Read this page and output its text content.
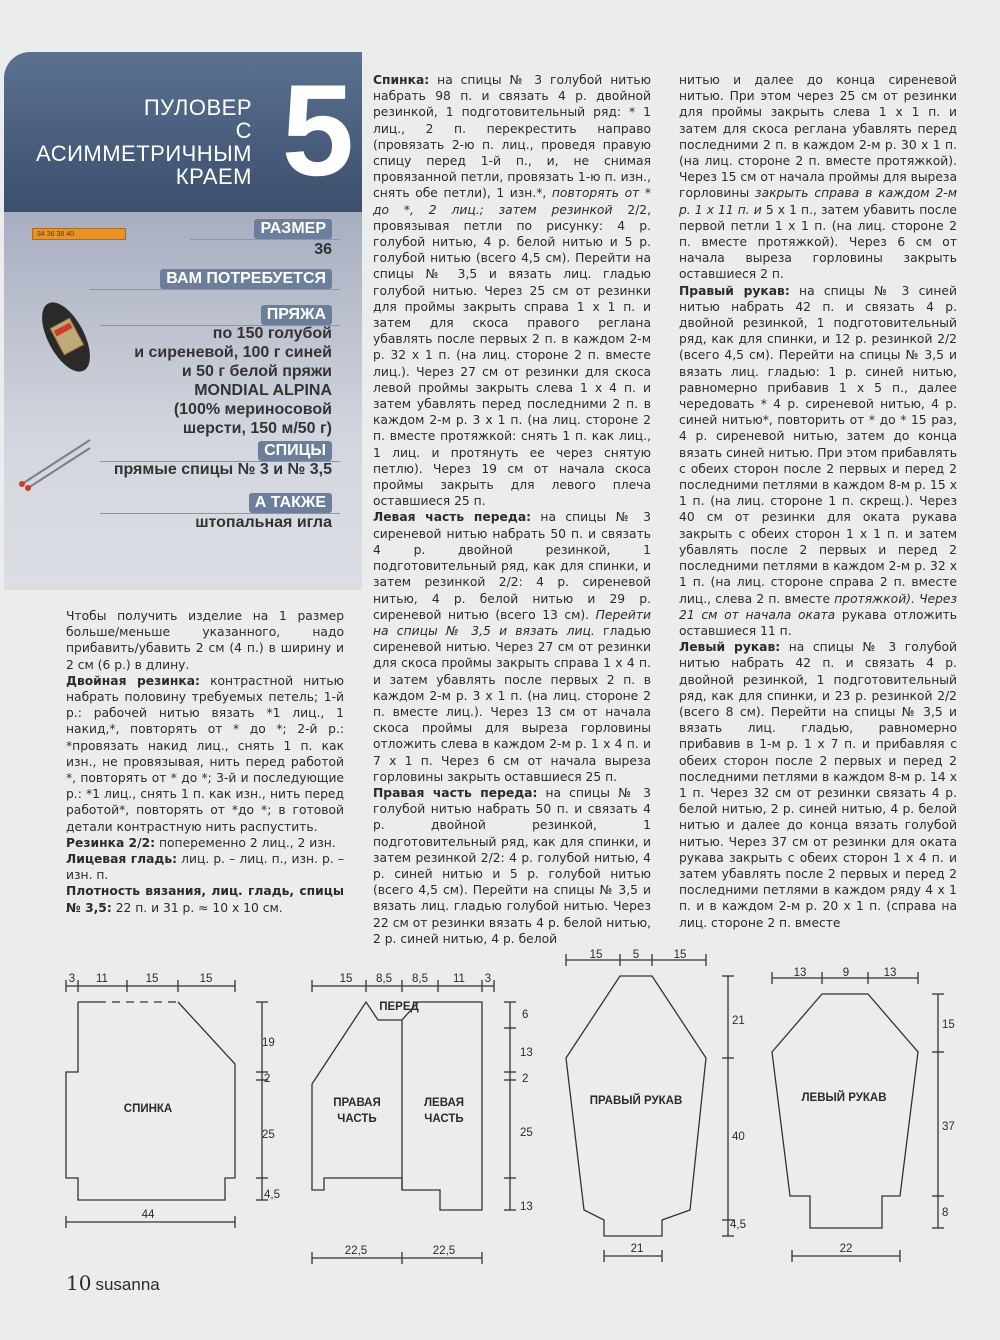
ПУЛОВЕР
С АСИММЕТРИЧНЫМ
КРАЕМ 5
34 36 38 40	РАЗМЕР
36
ВАМ ПОТРЕБУЕТСЯ
ПРЯЖА
по 150 голубой
и сиреневой, 100 г синей
и 50 г белой пряжи
MONDIAL ALPINA
(100% мериносовой
шерсти, 150 м/50 г)
СПИЦЫ
прямые спицы № 3 и № 3,5
А ТАКЖЕ
штопальная игла

Чтобы получить изделие на 1 размер больше/меньше указанного, надо прибавить/убавить 2 см (4 п.) в ширину и 2 см (6 р.) в длину.

Двойная резинка: контрастной нитью набрать половину требуемых петель; 1-й р.: рабочей нитью вязать *1 лиц., 1 накид,*, повторять от * до *; 2-й р.: *провязать накид лиц., снять 1 п. как изн., не провязывая, нить перед работой *, повторять от * до *; 3-й и последующие р.: *1 лиц., снять 1 п. как изн., нить перед работой*, повторять от *до *; в готовой детали контрастную нить распустить.

Резинка 2/2: попеременно 2 лиц., 2 изн.

Лицевая гладь: лиц. р. – лиц. п., изн. р. – изн. п.

Плотность вязания, лиц. гладь, спицы № 3,5: 22 п. и 31 р. ≈ 10 х 10 см.

Спинка: на спицы № 3 голубой нитью набрать 98 п. и связать 4 р. двойной резинкой, 1 подготовительный ряд: * 1 лиц., 2 п. перекрестить направо (провязать 2-ю п. лиц., проведя правую спицу перед 1-й п., и, не снимая провязанной петли, провязать 1-ю п. изн., снять обе петли), 1 изн.*, повторять от * до *, 2 лиц.; затем резинкой 2/2, провязывая петли по рисунку: 4 р. голубой нитью, 4 р. белой нитью и 5 р. голубой нитью (всего 4,5 см). Перейти на спицы № 3,5 и вязать лиц. гладью голубой нитью. Через 25 см от резинки для проймы закрыть справа 1 х 1 п. и затем для скоса правого реглана убавлять после первых 2 п. в каждом 2-м р. 32 х 1 п. (на лиц. стороне 2 п. вместе лиц.). Через 27 см от резинки для скоса левой проймы закрыть слева 1 х 4 п. и затем убавлять перед последними 2 п. в каждом 2-м р. 3 х 1 п. (на лиц. стороне 2 п. вместе протяжкой: снять 1 п. как лиц., 1 лиц. и протянуть ее через снятую петлю). Через 19 см от начала скоса проймы закрыть для левого плеча оставшиеся 25 п.

Левая часть переда: на спицы № 3 сиреневой нитью набрать 50 п. и связать 4 р. двойной резинкой, 1 подготовительный ряд, как для спинки, и затем резинкой 2/2: 4 р. сиреневой нитью, 4 р. белой нитью и 29 р. сиреневой нитью (всего 13 см). Перейти на спицы № 3,5 и вязать лиц. гладью сиреневой нитью. Через 27 см от резинки для скоса проймы закрыть справа 1 х 4 п. и затем убавлять после первых 2 п. в каждом 2-м р. 3 х 1 п. (на лиц. стороне 2 п. вместе лиц.). Через 13 см от начала скоса проймы для выреза горловины отложить слева в каждом 2-м р. 1 х 4 п. и 7 х 1 п. Через 6 см от начала выреза горловины закрыть оставшиеся 25 п.

Правая часть переда: на спицы № 3 голубой нитью набрать 50 п. и связать 4 р. двойной резинкой, 1 подготовительный ряд, как для спинки, и затем резинкой 2/2: 4 р. голубой нитью, 4 р. синей нитью и 5 р. голубой нитью (всего 4,5 см). Перейти на спицы № 3,5 и вязать лиц. гладью голубой нитью. Через 22 см от резинки вязать 4 р. белой нитью, 2 р. синей нитью, 4 р. белой

нитью и далее до конца сиреневой нитью. При этом через 25 см от резинки для проймы закрыть слева 1 х 1 п. и затем для скоса реглана убавлять перед последними 2 п. в каждом 2-м р. 30 х 1 п. (на лиц. стороне 2 п. вместе протяжкой). Через 15 см от начала проймы для выреза горловины закрыть справа в каждом 2-м р. 1 х 11 п. и 5 х 1 п., затем убавить после первой петли 1 х 1 п. (на лиц. стороне 2 п. вместе протяжкой). Через 6 см от начала выреза горловины закрыть оставшиеся 2 п.

Правый рукав: на спицы № 3 синей нитью набрать 42 п. и связать 4 р. двойной резинкой, 1 подготовительный ряд, как для спинки, и 12 р. резинкой 2/2 (всего 4,5 см). Перейти на спицы № 3,5 и вязать лиц. гладью: 1 р. синей нитью, равномерно прибавив 1 х 5 п., далее чередовать * 4 р. сиреневой нитью, 4 р. синей нитью*, повторить от * до * 15 раз, 4 р. сиреневой нитью, затем до конца вязать синей нитью. При этом прибавлять с обеих сторон после 2 первых и перед 2 последними петлями в каждом 8-м р. 15 х 1 п. (на лиц. стороне 1 п. скрещ.). Через 40 см от резинки для оката рукава закрыть с обеих сторон 1 х 1 п. и затем убавлять после 2 первых и перед 2 последними петлями в каждом 2-м р. 32 х 1 п. (на лиц. стороне справа 2 п. вместе лиц., слева 2 п. вместе протяжкой). Через 21 см от начала оката рукава отложить оставшиеся 11 п.

Левый рукав: на спицы № 3 голубой нитью набрать 42 п. и связать 4 р. двойной резинкой, 1 подготовительный ряд, как для спинки, и 23 р. резинкой 2/2 (всего 8 см). Перейти на спицы № 3,5 и вязать лиц. гладью, равномерно прибавив в 1-м р. 1 х 7 п. и прибавляя с обеих сторон после 2 первых и перед 2 последними петлями в каждом 8-м р. 14 х 1 п. Через 32 см от резинки связать 4 р. белой нитью, 2 р. синей нитью, 4 р. белой нитью и далее до конца вязать голубой нитью. Через 37 см от резинки для оката рукава закрыть с обеих сторон 1 х 4 п. и затем убавлять после 2 первых и перед 2 последними петлями в каждом ряду 4 х 1 п. и в каждом 2-м р. 20 х 1 п. (справа на лиц. стороне 2 п. вместе

СПИНКА
3 11	15	15
19
2
25
4,5
44
ПЕРЕД
ПРАВАЯ
ЧАСТЬ
ЛЕВАЯ
ЧАСТЬ
15 8,5 8,5 11 3
6
13
2
25
13
22,5	22,5
ПРАВЫЙ РУКАВ
15	5	15
21
40
4,5
21
ЛЕВЫЙ РУКАВ
13	9	13
15
37
8
22
10 susanna
